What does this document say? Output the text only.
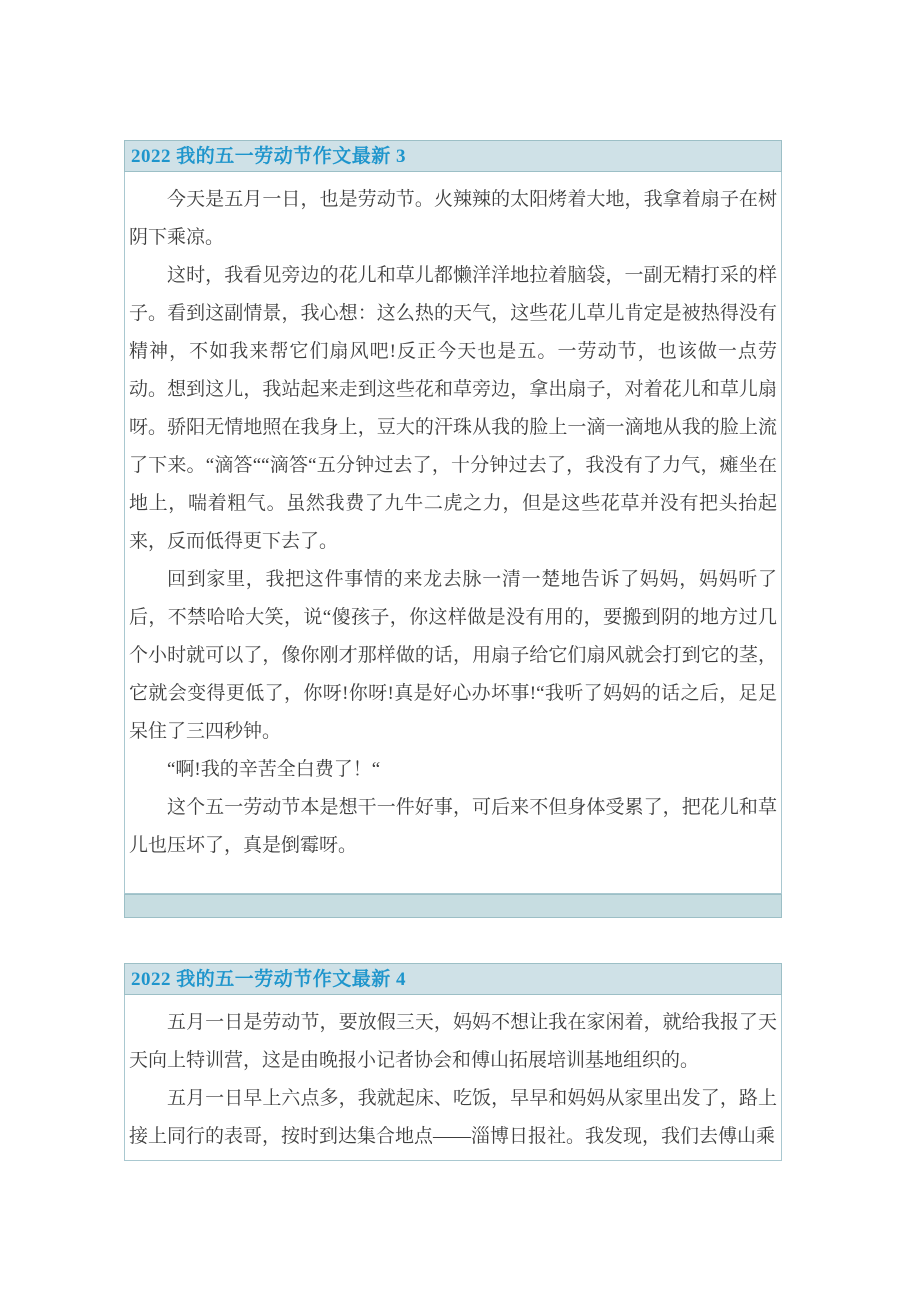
2022 我的五一劳动节作文最新 3

今天是五月一日，也是劳动节。火辣辣的太阳烤着大地，我拿着扇子在树阴下乘凉。

这时，我看见旁边的花儿和草儿都懒洋洋地拉着脑袋，一副无精打采的样子。看到这副情景，我心想：这么热的天气，这些花儿草儿肯定是被热得没有精神，不如我来帮它们扇风吧!反正今天也是五。一劳动节，也该做一点劳动。想到这儿，我站起来走到这些花和草旁边，拿出扇子，对着花儿和草儿扇呀。骄阳无情地照在我身上，豆大的汗珠从我的脸上一滴一滴地从我的脸上流了下来。“滴答““滴答“五分钟过去了，十分钟过去了，我没有了力气，瘫坐在地上，喘着粗气。虽然我费了九牛二虎之力，但是这些花草并没有把头抬起来，反而低得更下去了。

回到家里，我把这件事情的来龙去脉一清一楚地告诉了妈妈，妈妈听了后，不禁哈哈大笑，说“傻孩子，你这样做是没有用的，要搬到阴的地方过几个小时就可以了，像你刚才那样做的话，用扇子给它们扇风就会打到它的茎，它就会变得更低了，你呀!你呀!真是好心办坏事!“我听了妈妈的话之后，足足呆住了三四秒钟。

“啊!我的辛苦全白费了！“

这个五一劳动节本是想干一件好事，可后来不但身体受累了，把花儿和草儿也压坏了，真是倒霉呀。

2022 我的五一劳动节作文最新 4

五月一日是劳动节，要放假三天，妈妈不想让我在家闲着，就给我报了天天向上特训营，这是由晚报小记者协会和傅山拓展培训基地组织的。

五月一日早上六点多，我就起床、吃饭，早早和妈妈从家里出发了，路上接上同行的表哥，按时到达集合地点——淄博日报社。我发现，我们去傅山乘
